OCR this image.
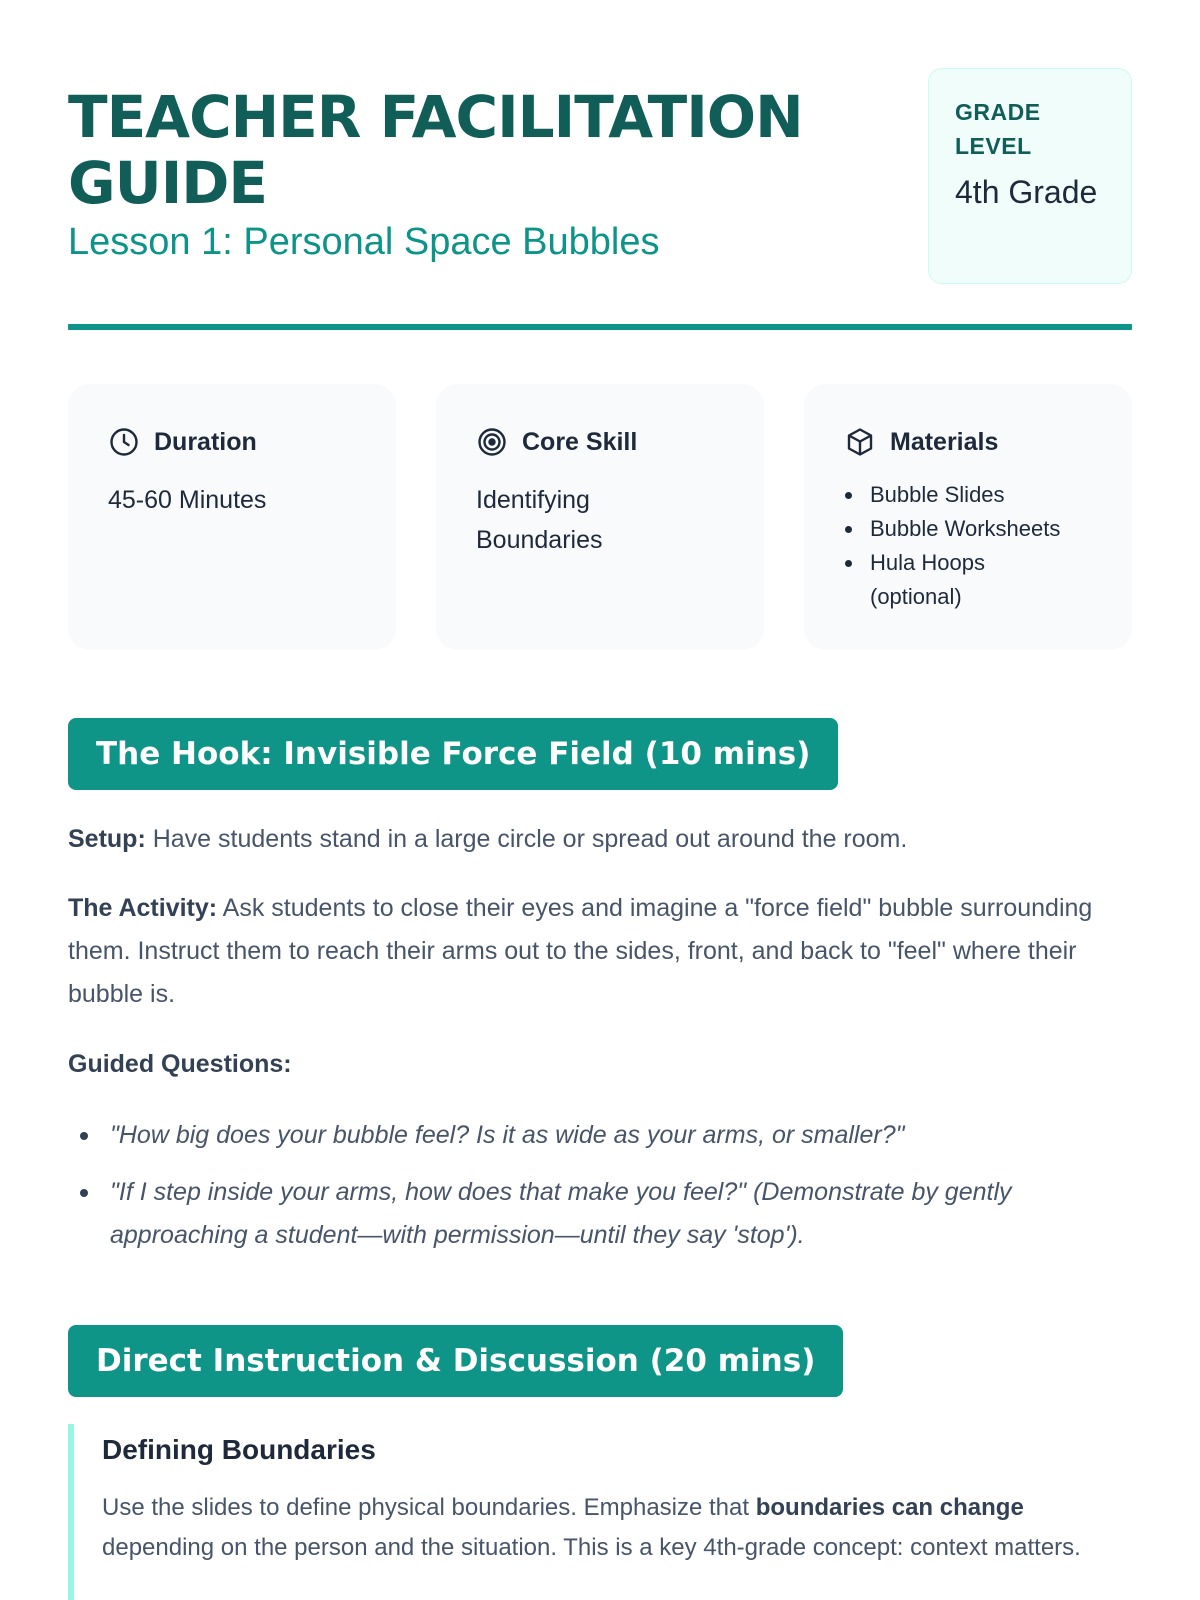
TEACHER FACILITATION GUIDE
Lesson 1: Personal Space Bubbles
GRADE LEVEL
4th Grade
Duration
45-60 Minutes
Core Skill
Identifying Boundaries
Materials
Bubble Slides
Bubble Worksheets
Hula Hoops (optional)
The Hook: Invisible Force Field (10 mins)

Setup: Have students stand in a large circle or spread out around the room.

The Activity: Ask students to close their eyes and imagine a "force field" bubble surrounding them. Instruct them to reach their arms out to the sides, front, and back to "feel" where their bubble is.

Guided Questions:

"How big does your bubble feel? Is it as wide as your arms, or smaller?"
"If I step inside your arms, how does that make you feel?" (Demonstrate by gently approaching a student—with permission—until they say 'stop').
Direct Instruction & Discussion (20 mins)
Defining Boundaries

Use the slides to define physical boundaries. Emphasize that boundaries can change depending on the person and the situation. This is a key 4th-grade concept: context matters.
